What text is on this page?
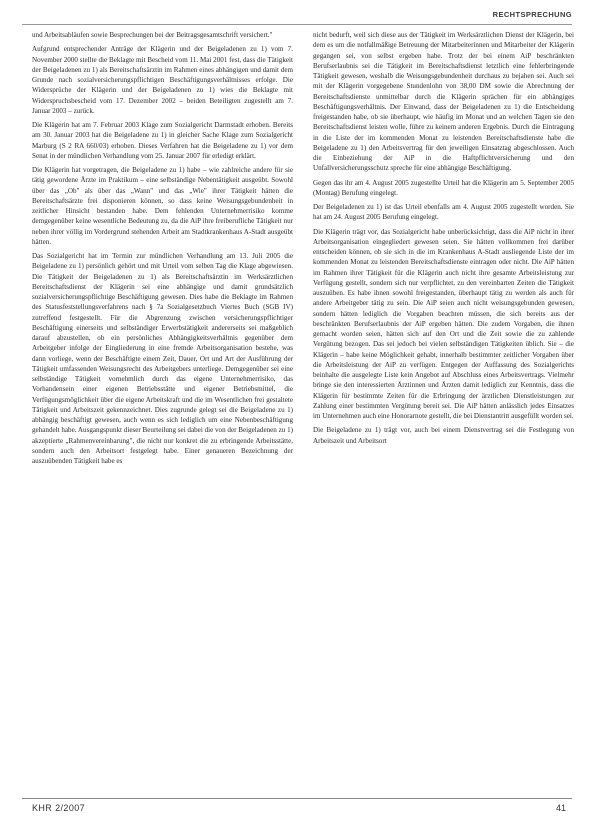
RECHTSPRECHUNG

und Arbeitsabläufen sowie Besprechungen bei der Beitragsgesamtschrift versichert."

Aufgrund entsprechender Anträge der Klägerin und der Beigeladenen zu 1) vom 7. November 2000 stellte die Beklagte mit Bescheid vom 11. Mai 2001 fest, dass die Tätigkeit der Beigeladenen zu 1) als Bereitschaftsärztin im Rahmen eines abhängigen und damit dem Grunde nach sozialversicherungspflichtigen Beschäftigungsverhältnisses erfolge. Die Widersprüche der Klägerin und der Beigeladenen zu 1) wies die Beklagte mit Widerspruchsbescheid vom 17. Dezember 2002 – beiden Beteiligten zugestellt am 7. Januar 2003 – zurück.

Die Klägerin hat am 7. Februar 2003 Klage zum Sozialgericht Darmstadt erhoben. Bereits am 30. Januar 2003 hat die Beigeladene zu 1) in gleicher Sache Klage zum Sozialgericht Marburg (S 2 RA 660/03) erhoben. Dieses Verfahren hat die Beigeladene zu 1) vor dem Senat in der mündlichen Verhandlung vom 25. Januar 2007 für erledigt erklärt.

Die Klägerin hat vorgetragen, die Beigeladene zu 1) habe – wie zahlreiche andere für sie tätig gewordene Ärzte im Praktikum – eine selbständige Nebentätigkeit ausgeübt. Sowohl über das „Ob" als über das „Wann" und das „Wie" ihrer Tätigkeit hätten die Bereitschaftsärzte frei disponieren können, so dass keine Weisungsgebundenheit in zeitlicher Hinsicht bestanden habe. Dem fehlenden Unternehmerrisiko komme demgegenüber keine wesentliche Bedeutung zu, da die AiP ihre freiberufliche Tätigkeit nur neben ihrer völlig im Vordergrund stehenden Arbeit am Stadtkrankenhaus A-Stadt ausgeübt hätten.

Das Sozialgericht hat im Termin zur mündlichen Verhandlung am 13. Juli 2005 die Beigeladene zu 1) persönlich gehört und mit Urteil vom selben Tag die Klage abgewiesen. Die Tätigkeit der Beigeladenen zu 1) als Bereitschaftsärztin im Werksärztlichen Bereitschaftsdienst der Klägerin sei eine abhängige und damit grundsätzlich sozialversicherungspflichtige Beschäftigung gewesen. Dies habe die Beklagte im Rahmen des Statusfeststellungsverfahrens nach § 7a Sozialgesetzbuch Viertes Buch (SGB IV) zutreffend festgestellt. Für die Abgrenzung zwischen versicherungspflichtiger Beschäftigung einerseits und selbständiger Erwerbstätigkeit andererseits sei maßgeblich darauf abzustellen, ob ein persönliches Abhängigkeitsverhältnis gegenüber dem Arbeitgeber infolge der Eingliederung in eine fremde Arbeitsorganisation bestehe, was dann vorliege, wenn der Beschäftigte einem Zeit, Dauer, Ort und Art der Ausführung der Tätigkeit umfassenden Weisungsrecht des Arbeitgebers unterliege. Demgegenüber sei eine selbständige Tätigkeit vornehmlich durch das eigene Unternehmerrisiko, das Vorhandensein einer eigenen Betriebsstätte und eigener Betriebsmittel, die Verfügungsmöglichkeit über die eigene Arbeitskraft und die im Wesentlichen frei gestaltete Tätigkeit und Arbeitszeit gekennzeichnet. Dies zugrunde gelegt sei die Beigeladene zu 1) abhängig beschäftigt gewesen, auch wenn es sich lediglich um eine Nebenbeschäftigung gehandelt habe. Ausgangspunkt dieser Beurteilung sei dabei die von der Beigeladenen zu 1) akzeptierte „Rahmenvereinbarung", die nicht nur konkret die zu erbringende Arbeitsstätte, sondern auch den Arbeitsort festgelegt habe. Einer genaueren Bezeichnung der auszuübenden Tätigkeit habe es

nicht bedurft, weil sich diese aus der Tätigkeit im Werksärztlichen Dienst der Klägerin, bei dem es um die notfallmäßige Betreuung der Mitarbeiterinnen und Mitarbeiter der Klägerin gegangen sei, von selbst ergeben habe. Trotz der bei einem AiP beschränkten Berufserlaubnis sei die Tätigkeit im Bereitschaftsdienst letztlich eine fehlerbringende Tätigkeit gewesen, weshalb die Weisungsgebundenheit durchaus zu bejahen sei. Auch sei mit der Klägerin vorgegebene Stundenlohn von 38,00 DM sowie die Abrechnung der Bereitschaftsdienste unmittelbar durch die Klägerin sprächen für ein abhängiges Beschäftigungsverhältnis. Der Einwand, dass der Beigeladenen zu 1) die Entscheidung freigestanden habe, ob sie überhaupt, wie häufig im Monat und an welchen Tagen sie den Bereitschaftsdienst leisten wolle, führe zu keinem anderen Ergebnis. Durch die Eintragung in die Liste der im kommenden Monat zu leistenden Bereitschaftsdienste habe die Beigeladene zu 1) den Arbeitsvertrag für den jeweiligen Einsatztag abgeschlossen. Auch die Einbeziehung der AiP in die Haftpflichtversicherung und den Unfallversicherungsschutz spreche für eine abhängige Beschäftigung.

Gegen das ihr am 4. August 2005 zugestellte Urteil hat die Klägerin am 5. September 2005 (Montag) Berufung eingelegt.

Der Beigeladenen zu 1) ist das Urteil ebenfalls am 4. August 2005 zugestellt worden. Sie hat am 24. August 2005 Berufung eingelegt.

Die Klägerin trägt vor, das Sozialgericht habe unberücksichtigt, dass die AiP nicht in ihrer Arbeitsorganisation eingegliedert gewesen seien. Sie hätten vollkommen frei darüber entscheiden können, ob sie sich in die im Krankenhaus A-Stadt ausliegende Liste der im kommenden Monat zu leistenden Bereitschaftsdienste eintragen oder nicht. Die AiP hätten im Rahmen ihrer Tätigkeit für die Klägerin auch nicht ihre gesamte Arbeitsleistung zur Verfügung gestellt, sondern sich nur verpflichtet, zu den vereinbarten Zeiten die Tätigkeit auszuüben. Es habe ihnen sowohl freigestanden, überhaupt tätig zu werden als auch für andere Arbeitgeber tätig zu sein. Die AiP seien auch nicht weisungsgebunden gewesen, sondern hätten lediglich die Vorgaben beachten müssen, die sich bereits aus der beschränkten Berufserlaubnis der AiP ergeben hätten. Die zudem Vorgaben, die ihnen gemacht worden seien, hätten sich auf den Ort und die Zeit sowie die zu zahlende Vergütung bezogen. Das sei jedoch bei vielen selbständigen Tätigkeiten üblich. Sie – die Klägerin – habe keine Möglichkeit gehabt, innerhalb bestimmter zeitlicher Vorgaben über die Arbeitsleistung der AiP zu verfügen. Entgegen der Auffassung des Sozialgerichts beinhalte die ausgelegte Liste kein Angebot auf Abschluss eines Arbeitsvertrags. Vielmehr bringe sie den interessierten Ärztinnen und Ärzten damit lediglich zur Kenntnis, dass die Klägerin für bestimmte Zeiten für die Erbringung der ärztlichen Dienstleistungen zur Zahlung einer bestimmten Vergütung bereit sei. Die AiP hätten anlässlich jedes Einsatzes im Unternehmen auch eine Honorarnote gestellt, die bei Dienstantritt ausgefüllt worden sei.

Die Beigeladene zu 1) trägt vor, auch bei einem Dienstvertrag sei die Festlegung von Arbeitszeit und Arbeitsort

KHR 2/2007	41
